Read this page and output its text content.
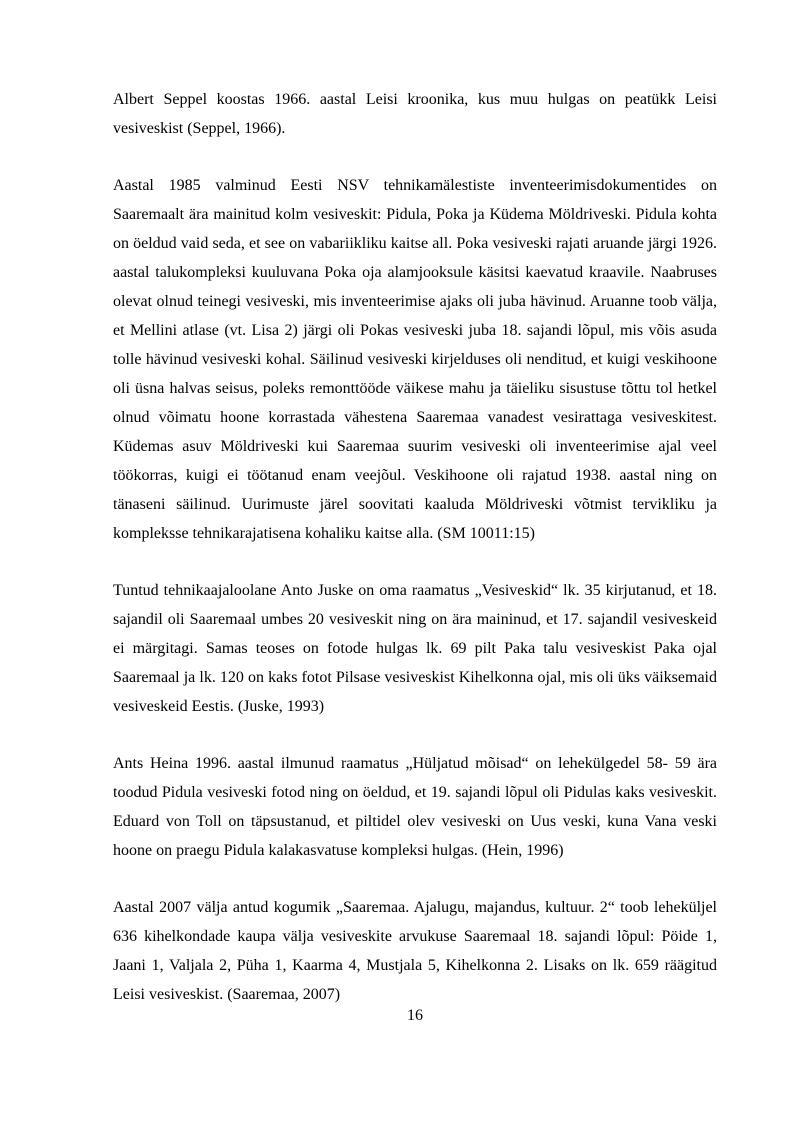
Albert Seppel koostas 1966. aastal Leisi kroonika, kus muu hulgas on peatükk Leisi vesiveskist (Seppel, 1966).

Aastal 1985 valminud Eesti NSV tehnikamälestiste inventeerimisdokumentides on Saaremaalt ära mainitud kolm vesiveskit: Pidula, Poka ja Küdema Möldriveski. Pidula kohta on öeldud vaid seda, et see on vabariikliku kaitse all. Poka vesiveski rajati aruande järgi 1926. aastal talukompleksi kuuluvana Poka oja alamjooksule käsitsi kaevatud kraavile. Naabruses olevat olnud teinegi vesiveski, mis inventeerimise ajaks oli juba hävinud. Aruanne toob välja, et Mellini atlase (vt. Lisa 2) järgi oli Pokas vesiveski juba 18. sajandi lõpul, mis võis asuda tolle hävinud vesiveski kohal. Säilinud vesiveski kirjelduses oli nenditud, et kuigi veskihoone oli üsna halvas seisus, poleks remonttööde väikese mahu ja täieliku sisustuse tõttu tol hetkel olnud võimatu hoone korrastada vähestena Saaremaa vanadest vesirattaga vesiveskitest. Küdemas asuv Möldriveski kui Saaremaa suurim vesiveski oli inventeerimise ajal veel töökorras, kuigi ei töötanud enam veejõul. Veskihoone oli rajatud 1938. aastal ning on tänaseni säilinud. Uurimuste järel soovitati kaaluda Möldriveski võtmist tervikliku ja kompleksse tehnikarajatisena kohaliku kaitse alla. (SM 10011:15)

Tuntud tehnikaajaloolane Anto Juske on oma raamatus „Vesiveskid“ lk. 35 kirjutanud, et 18. sajandil oli Saaremaal umbes 20 vesiveskit ning on ära maininud, et 17. sajandil vesiveskeid ei märgitagi. Samas teoses on fotode hulgas lk. 69 pilt Paka talu vesiveskist Paka ojal Saaremaal ja lk. 120 on kaks fotot Pilsase vesiveskist Kihelkonna ojal, mis oli üks väiksemaid vesiveskeid Eestis. (Juske, 1993)

Ants Heina 1996. aastal ilmunud raamatus „Hüljatud mõisad“ on lehekülgedel 58- 59 ära toodud Pidula vesiveski fotod ning on öeldud, et 19. sajandi lõpul oli Pidulas kaks vesiveskit. Eduard von Toll on täpsustanud, et piltidel olev vesiveski on Uus veski, kuna Vana veski hoone on praegu Pidula kalakasvatuse kompleksi hulgas. (Hein, 1996)

Aastal 2007 välja antud kogumik „Saaremaa. Ajalugu, majandus, kultuur. 2“ toob leheküljel 636 kihelkondade kaupa välja vesiveskite arvukuse Saaremaal 18. sajandi lõpul: Pöide 1, Jaani 1, Valjala 2, Püha 1, Kaarma 4, Mustjala 5, Kihelkonna 2. Lisaks on lk. 659 räägitud Leisi vesiveskist. (Saaremaa, 2007)

16
